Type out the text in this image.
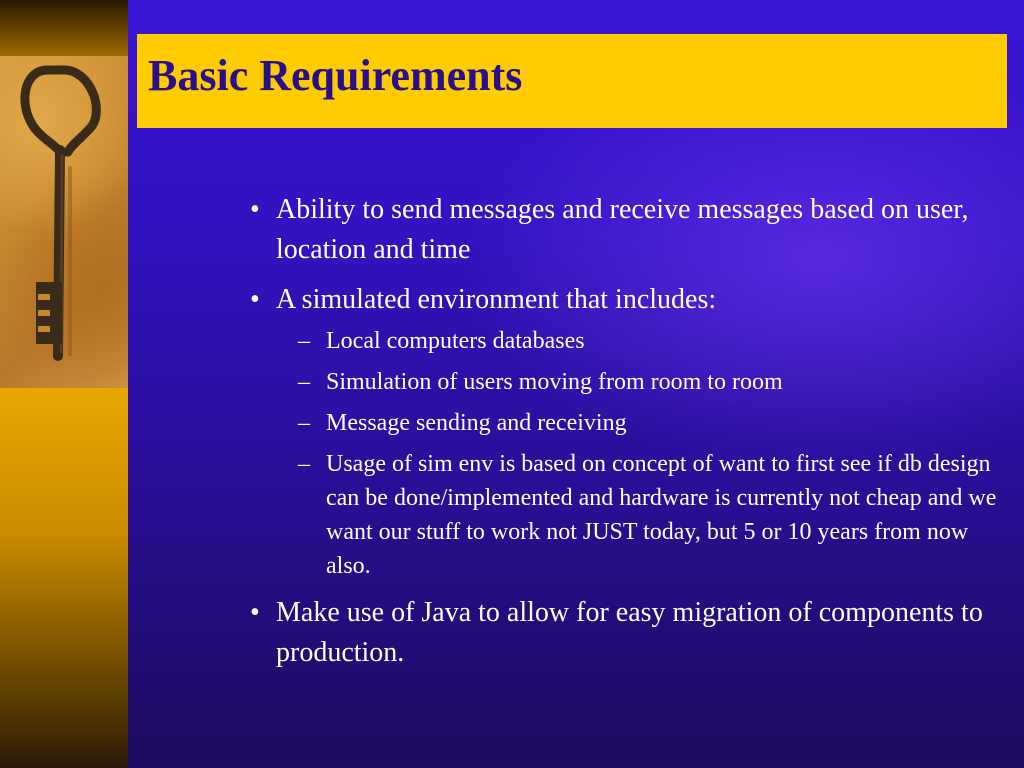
Basic Requirements
• Ability to send messages and receive messages based on user, location and time
• A simulated environment that includes:
– Local computers databases
– Simulation of users moving from room to room
– Message sending and receiving
– Usage of sim env is based on concept of want to first see if db design can be done/implemented and hardware is currently not cheap and we want our stuff to work not JUST today, but 5 or 10 years from now also.
• Make use of Java to allow for easy migration of components to production.
